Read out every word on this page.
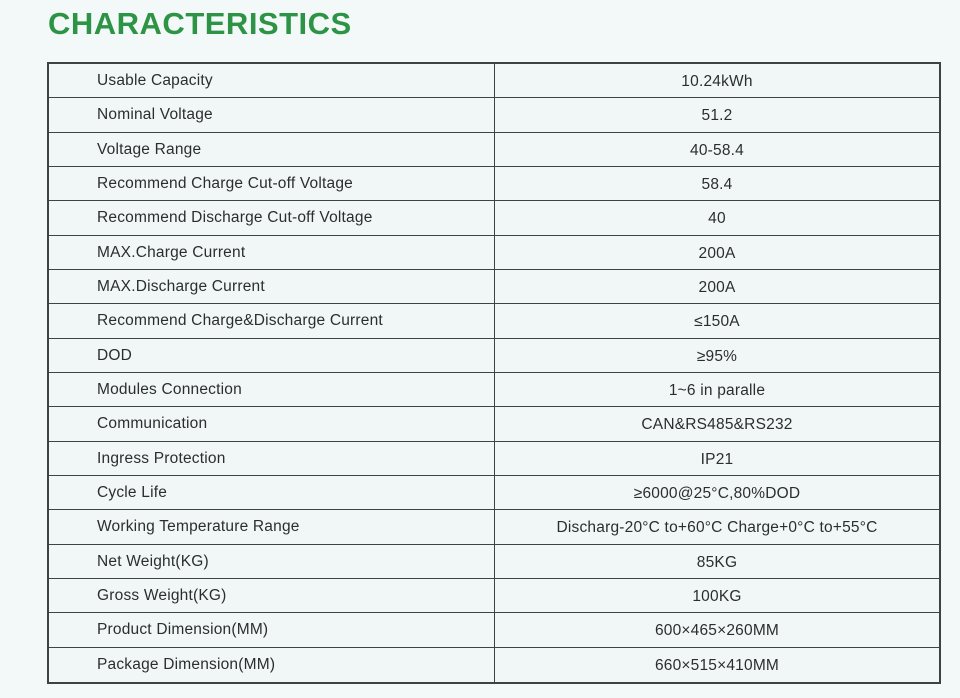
CHARACTERISTICS
Usable Capacity	10.24kWh
Nominal Voltage	51.2
Voltage Range	40-58.4
Recommend Charge Cut-off Voltage	58.4
Recommend Discharge Cut-off Voltage	40
MAX.Charge Current	200A
MAX.Discharge Current	200A
Recommend Charge&Discharge Current	≤150A
DOD	≥95%
Modules Connection	1~6 in paralle
Communication	CAN&RS485&RS232
Ingress Protection	IP21
Cycle Life	≥6000@25°C,80%DOD
Working Temperature Range	Discharg-20°C to+60°C Charge+0°C to+55°C
Net Weight(KG)	85KG
Gross Weight(KG)	100KG
Product Dimension(MM)	600×465×260MM
Package Dimension(MM)	660×515×410MM
